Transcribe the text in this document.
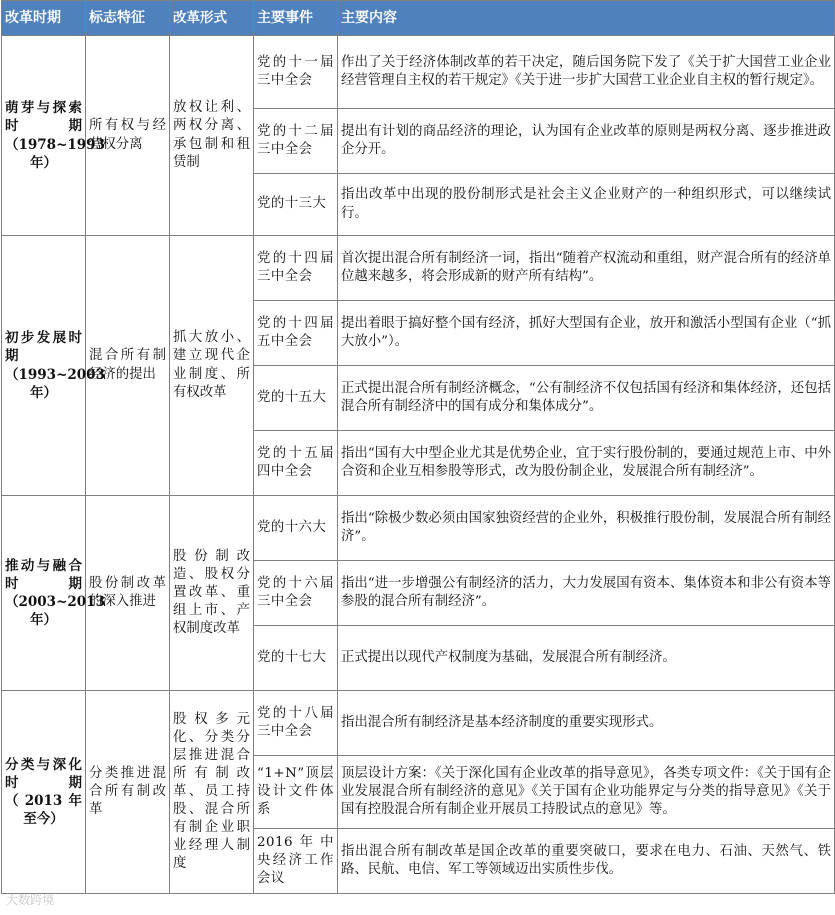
改革时期	标志特征	改革形式	主要事件	主要内容
萌芽与探索时期（1978~1993年）	所有权与经营权分离	放权让利、两权分离、承包制和租赁制	党的十一届三中全会	作出了关于经济体制改革的若干决定，随后国务院下发了《关于扩大国营工业企业经营管理自主权的若干规定》《关于进一步扩大国营工业企业自主权的暂行规定》。
			党的十二届三中全会	提出有计划的商品经济的理论，认为国有企业改革的原则是两权分离、逐步推进政企分开。
			党的十三大	指出改革中出现的股份制形式是社会主义企业财产的一种组织形式，可以继续试行。
初步发展时期（1993~2003年）	混合所有制经济的提出	抓大放小、建立现代企业制度、所有权改革	党的十四届三中全会	首次提出混合所有制经济一词，指出“随着产权流动和重组，财产混合所有的经济单位越来越多，将会形成新的财产所有结构”。
			党的十四届五中全会	提出着眼于搞好整个国有经济，抓好大型国有企业，放开和激活小型国有企业（“抓大放小”）。
			党的十五大	正式提出混合所有制经济概念，“公有制经济不仅包括国有经济和集体经济，还包括混合所有制经济中的国有成分和集体成分”。
			党的十五届四中全会	指出“国有大中型企业尤其是优势企业，宜于实行股份制的，要通过规范上市、中外合资和企业互相参股等形式，改为股份制企业，发展混合所有制经济”。
推动与融合时期（2003~2013年）	股份制改革的深入推进	股份制改造、股权分置改革、重组上市、产权制度改革	党的十六大	指出“除极少数必须由国家独资经营的企业外，积极推行股份制，发展混合所有制经济”。
			党的十六届三中全会	指出“进一步增强公有制经济的活力，大力发展国有资本、集体资本和非公有资本等参股的混合所有制经济”。
			党的十七大	正式提出以现代产权制度为基础，发展混合所有制经济。
分类与深化时期（2013年至今）	分类推进混合所有制改革	股权多元化、分类分层推进混合所有制改革、员工持股、混合所有制企业职业经理人制度	党的十八届三中全会	指出混合所有制经济是基本经济制度的重要实现形式。
			“1+N”顶层设计文件体系	顶层设计方案：《关于深化国有企业改革的指导意见》，各类专项文件：《关于国有企业发展混合所有制经济的意见》《关于国有企业功能界定与分类的指导意见》《关于国有控股混合所有制企业开展员工持股试点的意见》等。
			2016年中央经济工作会议	指出混合所有制改革是国企改革的重要突破口，要求在电力、石油、天然气、铁路、民航、电信、军工等领域迈出实质性步伐。
大数跨境
